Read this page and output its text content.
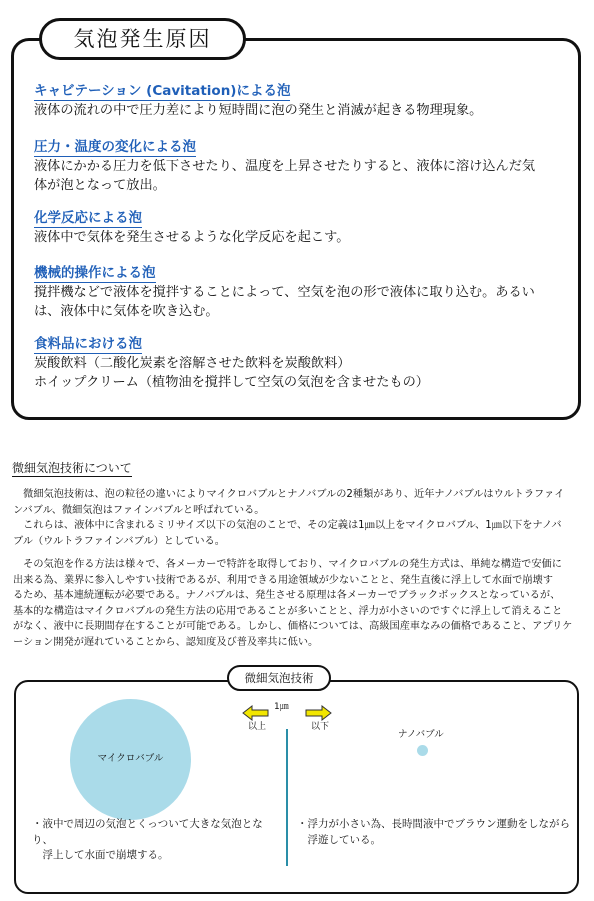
気泡発生原因
キャビテーション (Cavitation)による泡
液体の流れの中で圧力差により短時間に泡の発生と消滅が起きる物理現象。
圧力・温度の変化による泡
液体にかかる圧力を低下させたり、温度を上昇させたりすると、液体に溶け込んだ気
体が泡となって放出。
化学反応による泡
液体中で気体を発生させるような化学反応を起こす。
機械的操作による泡
撹拌機などで液体を撹拌することによって、空気を泡の形で液体に取り込む。あるい
は、液体中に気体を吹き込む。
食料品における泡
炭酸飲料（二酸化炭素を溶解させた飲料を炭酸飲料）
ホイップクリーム（植物油を撹拌して空気の気泡を含ませたもの）
微細気泡技術について
　微細気泡技術は、泡の粒径の違いによりマイクロバブルとナノバブルの2種類があり、近年ナノバブルはウルトラファイ
ンバブル、微細気泡はファインバブルと呼ばれている。
　これらは、液体中に含まれるミリサイズ以下の気泡のことで、その定義は1㎛以上をマイクロバブル、1㎛以下をナノバ
ブル（ウルトラファインバブル）としている。
　その気泡を作る方法は様々で、各メーカーで特許を取得しており、マイクロバブルの発生方式は、単純な構造で安価に
出来る為、業界に参入しやすい技術であるが、利用できる用途領域が少ないことと、発生直後に浮上して水面で崩壊す
るため、基本連続運転が必要である。ナノバブルは、発生させる原理は各メーカーでブラックボックスとなっているが、
基本的な構造はマイクロバブルの発生方法の応用であることが多いことと、浮力が小さいのですぐに浮上して消えること
がなく、液中に長期間存在することが可能である。しかし、価格については、高級国産車なみの価格であること、アプリケ
ーション開発が遅れていることから、認知度及び普及率共に低い。
微細気泡技術
1㎛
以上	以下
マイクロバブル
ナノバブル
・液中で周辺の気泡とくっついて大きな気泡となり、
　浮上して水面で崩壊する。
・浮力が小さい為、長時間液中でブラウン運動をしながら
　浮遊している。
